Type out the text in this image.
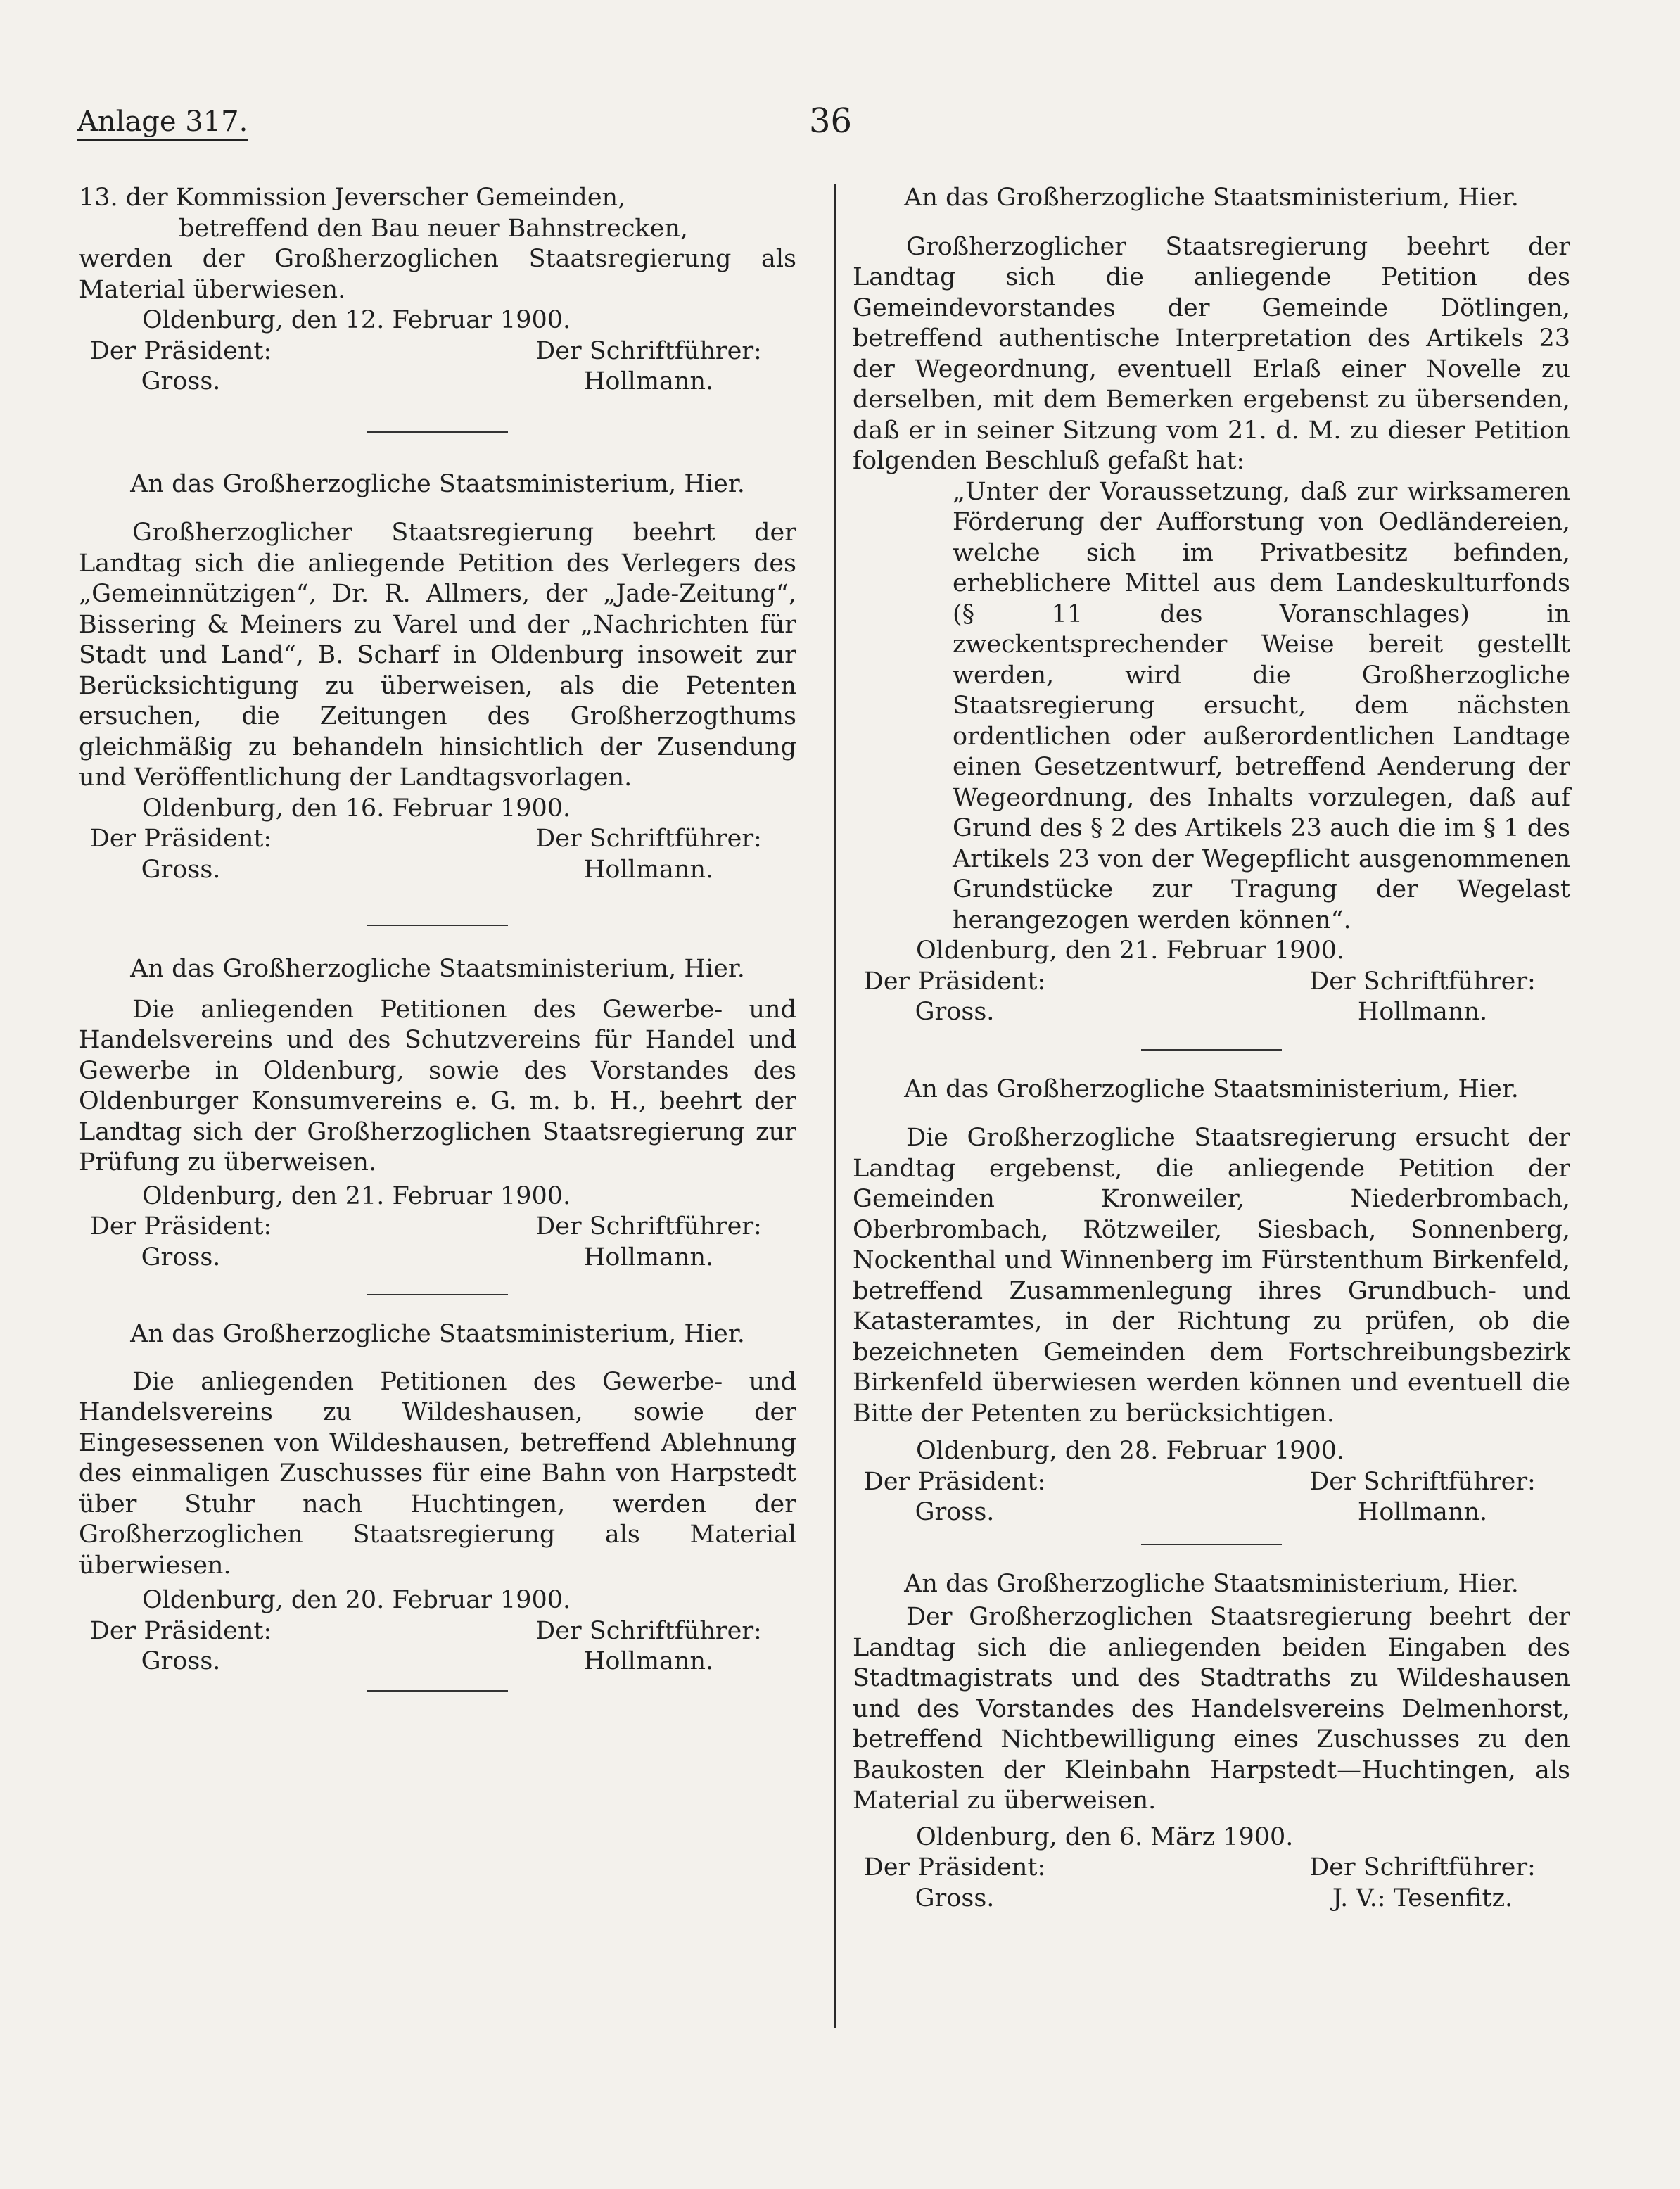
Anlage 317.	36

13. der Kommission Jeverscher Gemeinden,

betreffend den Bau neuer Bahnstrecken,

werden der Großherzoglichen Staatsregierung als Material überwiesen.

Oldenburg, den 12. Februar 1900.

Der Präsident:	Der Schriftführer:
Gross.	Hollmann.

An das Großherzogliche Staatsministerium, Hier.

Großherzoglicher Staatsregierung beehrt der Landtag sich die anliegende Petition des Verlegers des „Gemeinnützigen“, Dr. R. Allmers, der „Jade-Zeitung“, Bissering & Meiners zu Varel und der „Nachrichten für Stadt und Land“, B. Scharf in Oldenburg insoweit zur Berücksichtigung zu überweisen, als die Petenten ersuchen, die Zeitungen des Großherzogthums gleichmäßig zu behandeln hinsichtlich der Zusendung und Veröffentlichung der Landtagsvorlagen.

Oldenburg, den 16. Februar 1900.

Der Präsident:	Der Schriftführer:
Gross.	Hollmann.

An das Großherzogliche Staatsministerium, Hier.

Die anliegenden Petitionen des Gewerbe- und Handelsvereins und des Schutzvereins für Handel und Gewerbe in Oldenburg, sowie des Vorstandes des Oldenburger Konsumvereins e. G. m. b. H., beehrt der Landtag sich der Großherzoglichen Staatsregierung zur Prüfung zu überweisen.

Oldenburg, den 21. Februar 1900.

Der Präsident:	Der Schriftführer:
Gross.	Hollmann.

An das Großherzogliche Staatsministerium, Hier.

Die anliegenden Petitionen des Gewerbe- und Handelsvereins zu Wildeshausen, sowie der Eingesessenen von Wildeshausen, betreffend Ablehnung des einmaligen Zuschusses für eine Bahn von Harpstedt über Stuhr nach Huchtingen, werden der Großherzoglichen Staatsregierung als Material überwiesen.

Oldenburg, den 20. Februar 1900.

Der Präsident:	Der Schriftführer:
Gross.	Hollmann.

An das Großherzogliche Staatsministerium, Hier.

Großherzoglicher Staatsregierung beehrt der Landtag sich die anliegende Petition des Gemeindevorstandes der Gemeinde Dötlingen, betreffend authentische Interpretation des Artikels 23 der Wegeordnung, eventuell Erlaß einer Novelle zu derselben, mit dem Bemerken ergebenst zu übersenden, daß er in seiner Sitzung vom 21. d. M. zu dieser Petition folgenden Beschluß gefaßt hat:

„Unter der Voraussetzung, daß zur wirksameren Förderung der Aufforstung von Oedländereien, welche sich im Privatbesitz befinden, erheblichere Mittel aus dem Landeskulturfonds (§ 11 des Voranschlages) in zweckentsprechender Weise bereit gestellt werden, wird die Großherzogliche Staatsregierung ersucht, dem nächsten ordentlichen oder außerordentlichen Landtage einen Gesetzentwurf, betreffend Aenderung der Wegeordnung, des Inhalts vorzulegen, daß auf Grund des § 2 des Artikels 23 auch die im § 1 des Artikels 23 von der Wegepflicht ausgenommenen Grundstücke zur Tragung der Wegelast herangezogen werden können“.

Oldenburg, den 21. Februar 1900.

Der Präsident:	Der Schriftführer:
Gross.	Hollmann.

An das Großherzogliche Staatsministerium, Hier.

Die Großherzogliche Staatsregierung ersucht der Landtag ergebenst, die anliegende Petition der Gemeinden Kronweiler, Niederbrombach, Oberbrombach, Rötzweiler, Siesbach, Sonnenberg, Nockenthal und Winnenberg im Fürstenthum Birkenfeld, betreffend Zusammenlegung ihres Grundbuch- und Katasteramtes, in der Richtung zu prüfen, ob die bezeichneten Gemeinden dem Fortschreibungsbezirk Birkenfeld überwiesen werden können und eventuell die Bitte der Petenten zu berücksichtigen.

Oldenburg, den 28. Februar 1900.

Der Präsident:	Der Schriftführer:
Gross.	Hollmann.

An das Großherzogliche Staatsministerium, Hier.

Der Großherzoglichen Staatsregierung beehrt der Landtag sich die anliegenden beiden Eingaben des Stadtmagistrats und des Stadtraths zu Wildeshausen und des Vorstandes des Handelsvereins Delmenhorst, betreffend Nichtbewilligung eines Zuschusses zu den Baukosten der Kleinbahn Harpstedt—Huchtingen, als Material zu überweisen.

Oldenburg, den 6. März 1900.

Der Präsident:	Der Schriftführer:
Gross.	J. V.: Tesenfitz.
